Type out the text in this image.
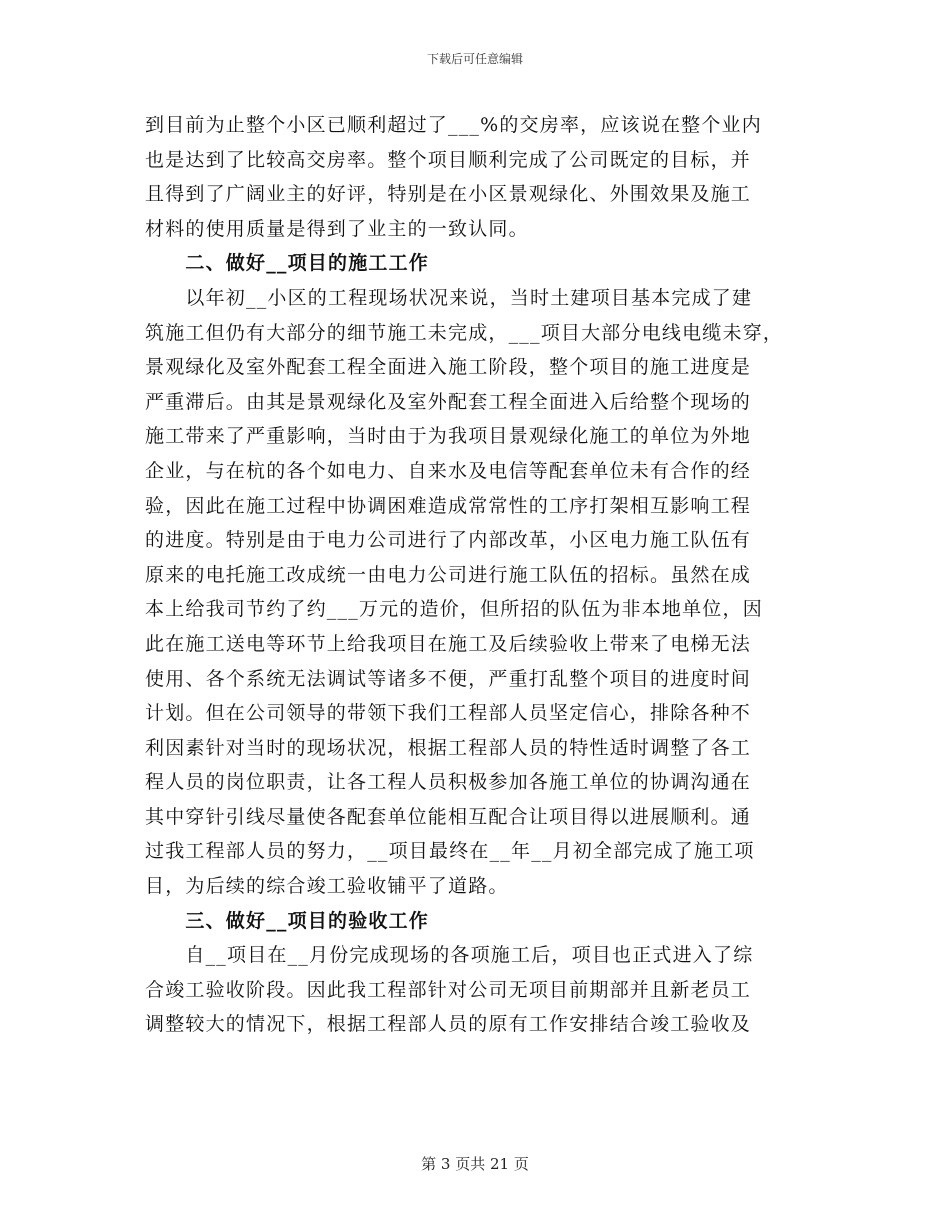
下载后可任意编辑
到目前为止整个小区已顺利超过了___%的交房率，应该说在整个业内
也是达到了比较高交房率。整个项目顺利完成了公司既定的目标，并
且得到了广阔业主的好评，特别是在小区景观绿化、外围效果及施工
材料的使用质量是得到了业主的一致认同。
　　二、做好__项目的施工工作
　　以年初__小区的工程现场状况来说，当时土建项目基本完成了建
筑施工但仍有大部分的细节施工未完成，___项目大部分电线电缆未穿，
景观绿化及室外配套工程全面进入施工阶段，整个项目的施工进度是
严重滞后。由其是景观绿化及室外配套工程全面进入后给整个现场的
施工带来了严重影响，当时由于为我项目景观绿化施工的单位为外地
企业，与在杭的各个如电力、自来水及电信等配套单位未有合作的经
验，因此在施工过程中协调困难造成常常性的工序打架相互影响工程
的进度。特别是由于电力公司进行了内部改革，小区电力施工队伍有
原来的电托施工改成统一由电力公司进行施工队伍的招标。虽然在成
本上给我司节约了约___万元的造价，但所招的队伍为非本地单位，因
此在施工送电等环节上给我项目在施工及后续验收上带来了电梯无法
使用、各个系统无法调试等诸多不便，严重打乱整个项目的进度时间
计划。但在公司领导的带领下我们工程部人员坚定信心，排除各种不
利因素针对当时的现场状况，根据工程部人员的特性适时调整了各工
程人员的岗位职责，让各工程人员积极参加各施工单位的协调沟通在
其中穿针引线尽量使各配套单位能相互配合让项目得以进展顺利。通
过我工程部人员的努力，__项目最终在__年__月初全部完成了施工项
目，为后续的综合竣工验收铺平了道路。
　　三、做好__项目的验收工作
　　自__项目在__月份完成现场的各项施工后，项目也正式进入了综
合竣工验收阶段。因此我工程部针对公司无项目前期部并且新老员工
调整较大的情况下，根据工程部人员的原有工作安排结合竣工验收及
第 3 页共 21 页
